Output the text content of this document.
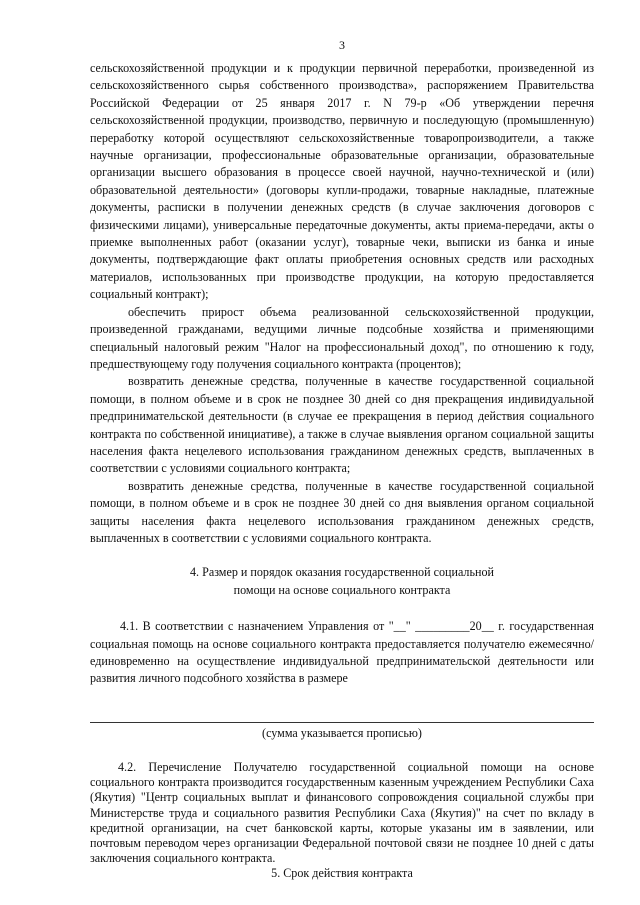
3

сельскохозяйственной продукции и к продукции первичной переработки, произведенной из сельскохозяйственного сырья собственного производства», распоряжением Правительства Российской Федерации от 25 января 2017 г. N 79-р «Об утверждении перечня сельскохозяйственной продукции, производство, первичную и последующую (промышленную) переработку которой осуществляют сельскохозяйственные товаропроизводители, а также научные организации, профессиональные образовательные организации, образовательные организации высшего образования в процессе своей научной, научно-технической и (или) образовательной деятельности» (договоры купли-продажи, товарные накладные, платежные документы, расписки в получении денежных средств (в случае заключения договоров с физическими лицами), универсальные передаточные документы, акты приема-передачи, акты о приемке выполненных работ (оказании услуг), товарные чеки, выписки из банка и иные документы, подтверждающие факт оплаты приобретения основных средств или расходных материалов, использованных при производстве продукции, на которую предоставляется социальный контракт);

обеспечить прирост объема реализованной сельскохозяйственной продукции, произведенной гражданами, ведущими личные подсобные хозяйства и применяющими специальный налоговый режим "Налог на профессиональный доход", по отношению к году, предшествующему году получения социального контракта (процентов);

возвратить денежные средства, полученные в качестве государственной социальной помощи, в полном объеме и в срок не позднее 30 дней со дня прекращения индивидуальной предпринимательской деятельности (в случае ее прекращения в период действия социального контракта по собственной инициативе), а также в случае выявления органом социальной защиты населения факта нецелевого использования гражданином денежных средств, выплаченных в соответствии с условиями социального контракта;

возвратить денежные средства, полученные в качестве государственной социальной помощи, в полном объеме и в срок не позднее 30 дней со дня выявления органом социальной защиты населения факта нецелевого использования гражданином денежных средств, выплаченных в соответствии с условиями социального контракта.

4. Размер и порядок оказания государственной социальной
помощи на основе социального контракта

4.1. В соответствии с назначением Управления от "__" _________20__ г. государственная социальная помощь на основе социального контракта предоставляется получателю ежемесячно/единовременно на осуществление индивидуальной предпринимательской деятельности или развития личного подсобного хозяйства в размере

(сумма указывается прописью)

4.2. Перечисление Получателю государственной социальной помощи на основе социального контракта производится государственным казенным учреждением Республики Саха (Якутия) "Центр социальных выплат и финансового сопровождения социальной службы при Министерстве труда и социального развития Республики Саха (Якутия)" на счет по вкладу в кредитной организации, на счет банковской карты, которые указаны им в заявлении, или почтовым переводом через организации Федеральной почтовой связи не позднее 10 дней с даты заключения социального контракта.

5. Срок действия контракта
